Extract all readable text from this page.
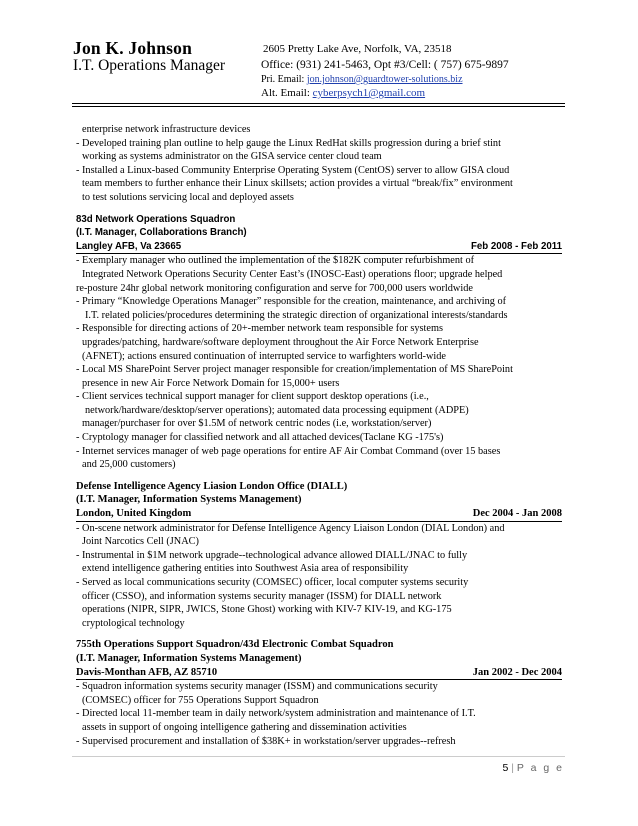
Jon K. Johnson
I.T. Operations Manager
2605 Pretty Lake Ave, Norfolk, VA, 23518
Office: (931) 241-5463, Opt #3/Cell: ( 757) 675-9897
Pri. Email: jon.johnson@guardtower-solutions.biz
Alt. Email: cyberpsych1@gmail.com
enterprise network infrastructure devices
- Developed training plan outline to help gauge the Linux RedHat skills progression during a brief stint
working as systems administrator on the GISA service center cloud team
- Installed a Linux-based Community Enterprise Operating System (CentOS) server to allow GISA cloud
team members to further enhance their Linux skillsets; action provides a virtual “break/fix” environment
to test solutions servicing local and deployed assets
83d Network Operations Squadron
(I.T. Manager, Collaborations Branch)
Langley AFB, Va 23665	Feb 2008 - Feb 2011
- Exemplary manager who outlined the implementation of the $182K computer refurbishment of
Integrated Network Operations Security Center East’s (INOSC-East) operations floor; upgrade helped
re-posture 24hr global network monitoring configuration and serve for 700,000 users worldwide
- Primary “Knowledge Operations Manager” responsible for the creation, maintenance, and archiving of
I.T. related policies/procedures determining the strategic direction of organizational interests/standards
- Responsible for directing actions of 20+-member network team responsible for systems
upgrades/patching, hardware/software deployment throughout the Air Force Network Enterprise
(AFNET); actions ensured continuation of interrupted service to warfighters world-wide
- Local MS SharePoint Server project manager responsible for creation/implementation of MS SharePoint
presence in new Air Force Network Domain for 15,000+ users
- Client services technical support manager for client support desktop operations (i.e.,
network/hardware/desktop/server operations); automated data processing equipment (ADPE)
manager/purchaser for over $1.5M of network centric nodes (i.e, workstation/server)
- Cryptology manager for classified network and all attached devices(Taclane KG -175's)
- Internet services manager of web page operations for entire AF Air Combat Command (over 15 bases
and 25,000 customers)
Defense Intelligence Agency Liasion London Office (DIALL)
(I.T. Manager, Information Systems Management)
London, United Kingdom	Dec 2004 - Jan 2008
- On-scene network administrator for Defense Intelligence Agency Liaison London (DIAL London) and
Joint Narcotics Cell (JNAC)
- Instrumental in $1M network upgrade--technological advance allowed DIALL/JNAC to fully
extend intelligence gathering entities into Southwest Asia area of responsibility
- Served as local communications security (COMSEC) officer, local computer systems security
officer (CSSO), and information systems security manager (ISSM) for DIALL network
operations (NIPR, SIPR, JWICS, Stone Ghost) working with KIV-7 KIV-19, and KG-175
cryptological technology
755th Operations Support Squadron/43d Electronic Combat Squadron
(I.T. Manager, Information Systems Management)
Davis-Monthan AFB, AZ 85710	Jan 2002 - Dec 2004
- Squadron information systems security manager (ISSM) and communications security
(COMSEC) officer for 755 Operations Support Squadron
- Directed local 11-member team in daily network/system administration and maintenance of I.T.
assets in support of ongoing intelligence gathering and dissemination activities
- Supervised procurement and installation of $38K+ in workstation/server upgrades--refresh
5 | P a g e
